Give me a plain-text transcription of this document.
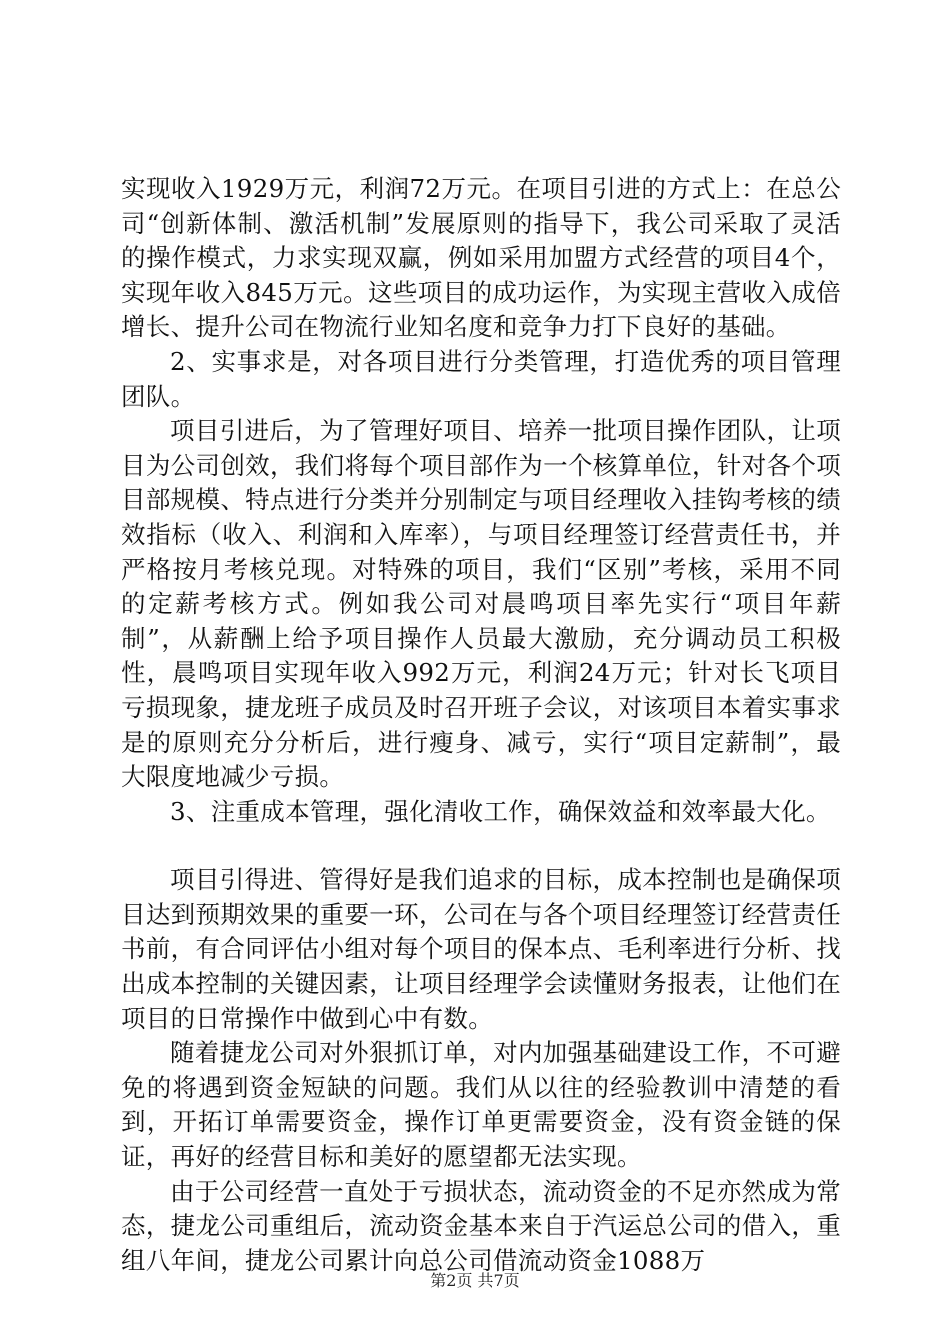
实现收入1929万元，利润72万元。在项目引进的方式上：在总公司“创新体制、激活机制”发展原则的指导下，我公司采取了灵活的操作模式，力求实现双赢，例如采用加盟方式经营的项目4个，实现年收入845万元。这些项目的成功运作，为实现主营收入成倍增长、提升公司在物流行业知名度和竞争力打下良好的基础。

2、实事求是，对各项目进行分类管理，打造优秀的项目管理团队。

项目引进后，为了管理好项目、培养一批项目操作团队，让项目为公司创效，我们将每个项目部作为一个核算单位，针对各个项目部规模、特点进行分类并分别制定与项目经理收入挂钩考核的绩效指标（收入、利润和入库率），与项目经理签订经营责任书，并严格按月考核兑现。对特殊的项目，我们“区别”考核，采用不同的定薪考核方式。例如我公司对晨鸣项目率先实行“项目年薪制”，从薪酬上给予项目操作人员最大激励，充分调动员工积极性，晨鸣项目实现年收入992万元，利润24万元；针对长飞项目亏损现象，捷龙班子成员及时召开班子会议，对该项目本着实事求是的原则充分分析后，进行瘦身、减亏，实行“项目定薪制”，最大限度地减少亏损。

3、注重成本管理，强化清收工作，确保效益和效率最大化。

项目引得进、管得好是我们追求的目标，成本控制也是确保项目达到预期效果的重要一环，公司在与各个项目经理签订经营责任书前，有合同评估小组对每个项目的保本点、毛利率进行分析、找出成本控制的关键因素，让项目经理学会读懂财务报表，让他们在项目的日常操作中做到心中有数。

随着捷龙公司对外狠抓订单，对内加强基础建设工作，不可避免的将遇到资金短缺的问题。我们从以往的经验教训中清楚的看到，开拓订单需要资金，操作订单更需要资金，没有资金链的保证，再好的经营目标和美好的愿望都无法实现。

由于公司经营一直处于亏损状态，流动资金的不足亦然成为常态，捷龙公司重组后，流动资金基本来自于汽运总公司的借入，重组八年间，捷龙公司累计向总公司借流动资金1088万

第2页 共7页
